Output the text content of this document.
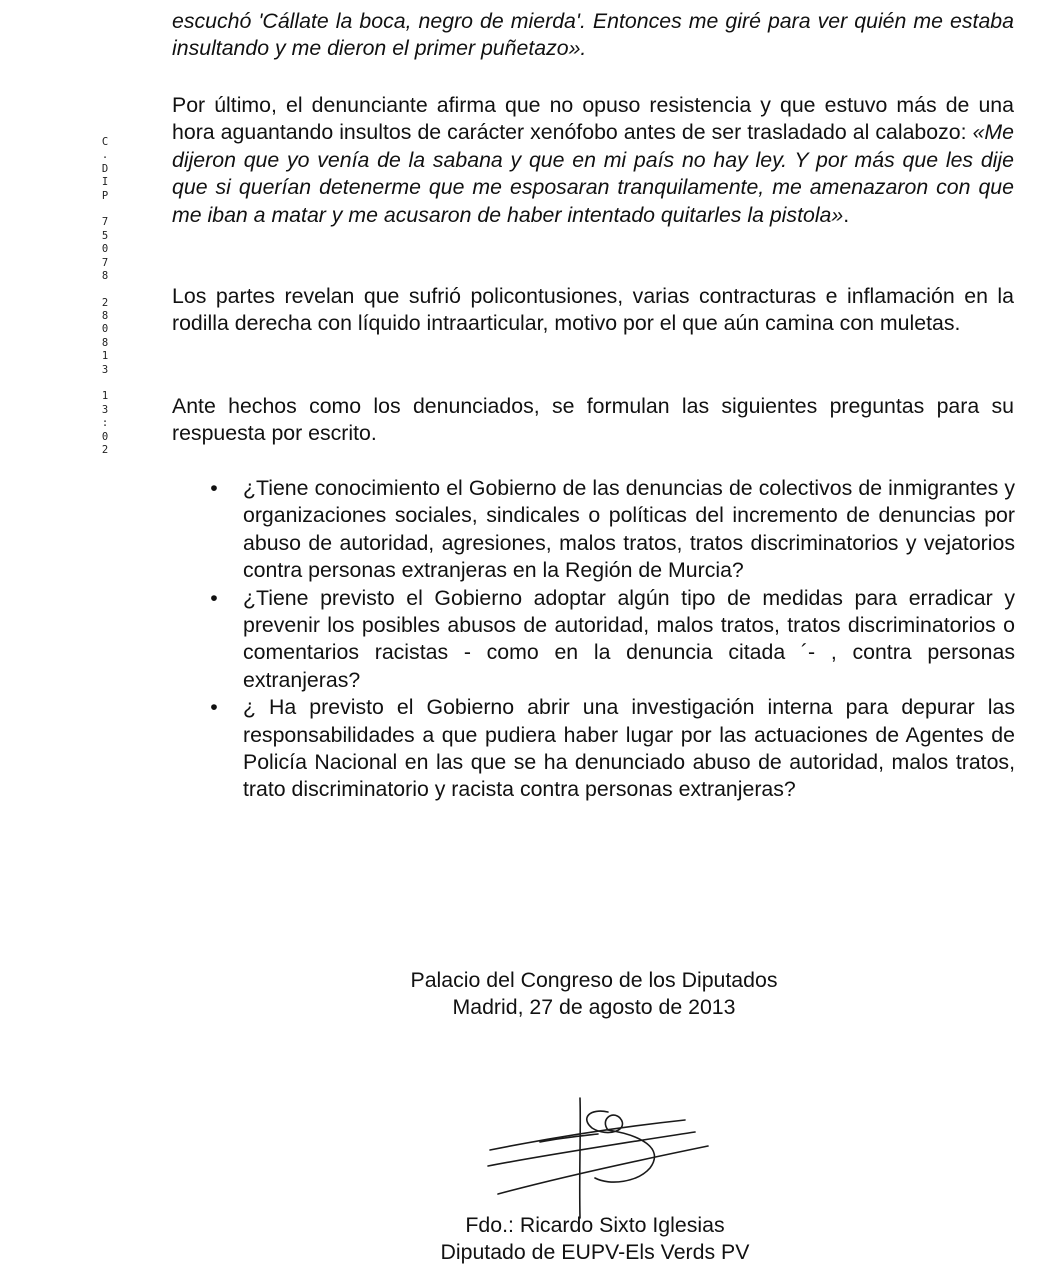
C
.
D
I
P
7
5
0
7
8
2
8
0
8
1
3
1
3
:
0
2

escuchó 'Cállate la boca, negro de mierda'. Entonces me giré para ver quién me estaba insultando y me dieron el primer puñetazo».

Por último, el denunciante afirma que no opuso resistencia y que estuvo más de una hora aguantando insultos de carácter xenófobo antes de ser trasladado al calabozo: «Me dijeron que yo venía de la sabana y que en mi país no hay ley. Y por más que les dije que si querían detenerme que me esposaran tranquilamente, me amenazaron con que me iban a matar y me acusaron de haber intentado quitarles la pistola».

Los partes revelan que sufrió policontusiones, varias contracturas e inflamación en la rodilla derecha con líquido intraarticular, motivo por el que aún camina con muletas.

Ante hechos como los denunciados, se formulan las siguientes preguntas para su respuesta por escrito.

• ¿Tiene conocimiento el Gobierno de las denuncias de colectivos de inmigrantes y organizaciones sociales, sindicales o políticas del incremento de denuncias por abuso de autoridad, agresiones, malos tratos, tratos discriminatorios y vejatorios contra personas extranjeras en la Región de Murcia?
• ¿Tiene previsto el Gobierno adoptar algún tipo de medidas para erradicar y prevenir los posibles abusos de autoridad, malos tratos, tratos discriminatorios o comentarios racistas - como en la denuncia citada ´- , contra personas extranjeras?
• ¿ Ha previsto el Gobierno abrir una investigación interna para depurar las responsabilidades a que pudiera haber lugar por las actuaciones de Agentes de Policía Nacional en las que se ha denunciado abuso de autoridad, malos tratos, trato discriminatorio y racista contra personas extranjeras?
Palacio del Congreso de los Diputados
Madrid, 27 de agosto de 2013
Fdo.: Ricardo Sixto Iglesias
Diputado de EUPV-Els Verds PV
